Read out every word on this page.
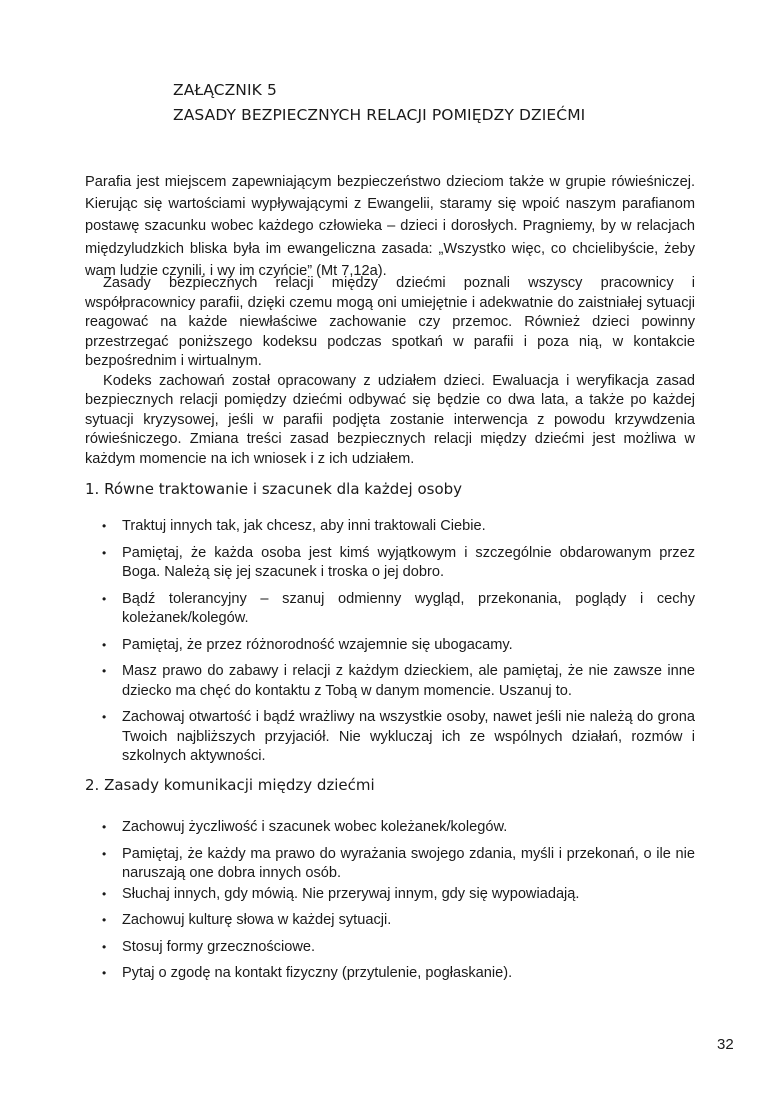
ZAŁĄCZNIK 5
ZASADY BEZPIECZNYCH RELACJI POMIĘDZY DZIEĆMI

Parafia jest miejscem zapewniającym bezpieczeństwo dzieciom także w grupie rówieśniczej. Kierując się wartościami wypływającymi z Ewangelii, staramy się wpoić naszym parafianom postawę szacunku wobec każdego człowieka – dzieci i dorosłych. Pragniemy, by w relacjach międzyludzkich bliska była im ewangeliczna zasada: „Wszystko więc, co chcielibyście, żeby wam ludzie czynili, i wy im czyńcie” (Mt 7,12a).

Zasady bezpiecznych relacji między dziećmi poznali wszyscy pracownicy i współpracownicy parafii, dzięki czemu mogą oni umiejętnie i adekwatnie do zaistniałej sytuacji reagować na każde niewłaściwe zachowanie czy przemoc. Również dzieci powinny przestrzegać poniższego kodeksu podczas spotkań w parafii i poza nią, w kontakcie bezpośrednim i wirtualnym.

Kodeks zachowań został opracowany z udziałem dzieci. Ewaluacja i weryfikacja zasad bezpiecznych relacji pomiędzy dziećmi odbywać się będzie co dwa lata, a także po każdej sytuacji kryzysowej, jeśli w parafii podjęta zostanie interwencja z powodu krzywdzenia rówieśniczego. Zmiana treści zasad bezpiecznych relacji między dziećmi jest możliwa w każdym momencie na ich wniosek i z ich udziałem.

1. Równe traktowanie i szacunek dla każdej osoby
• Traktuj innych tak, jak chcesz, aby inni traktowali Ciebie.
• Pamiętaj, że każda osoba jest kimś wyjątkowym i szczególnie obdarowanym przez Boga. Należą się jej szacunek i troska o jej dobro.
• Bądź tolerancyjny – szanuj odmienny wygląd, przekonania, poglądy i cechy koleżanek/kolegów.
• Pamiętaj, że przez różnorodność wzajemnie się ubogacamy.
• Masz prawo do zabawy i relacji z każdym dzieckiem, ale pamiętaj, że nie zawsze inne dziecko ma chęć do kontaktu z Tobą w danym momencie. Uszanuj to.
• Zachowaj otwartość i bądź wrażliwy na wszystkie osoby, nawet jeśli nie należą do grona Twoich najbliższych przyjaciół. Nie wykluczaj ich ze wspólnych działań, rozmów i szkolnych aktywności.
2. Zasady komunikacji między dziećmi
• Zachowuj życzliwość i szacunek wobec koleżanek/kolegów.
• Pamiętaj, że każdy ma prawo do wyrażania swojego zdania, myśli i przekonań, o ile nie naruszają one dobra innych osób.
• Słuchaj innych, gdy mówią. Nie przerywaj innym, gdy się wypowiadają.
• Zachowuj kulturę słowa w każdej sytuacji.
• Stosuj formy grzecznościowe.
• Pytaj o zgodę na kontakt fizyczny (przytulenie, pogłaskanie).
32
